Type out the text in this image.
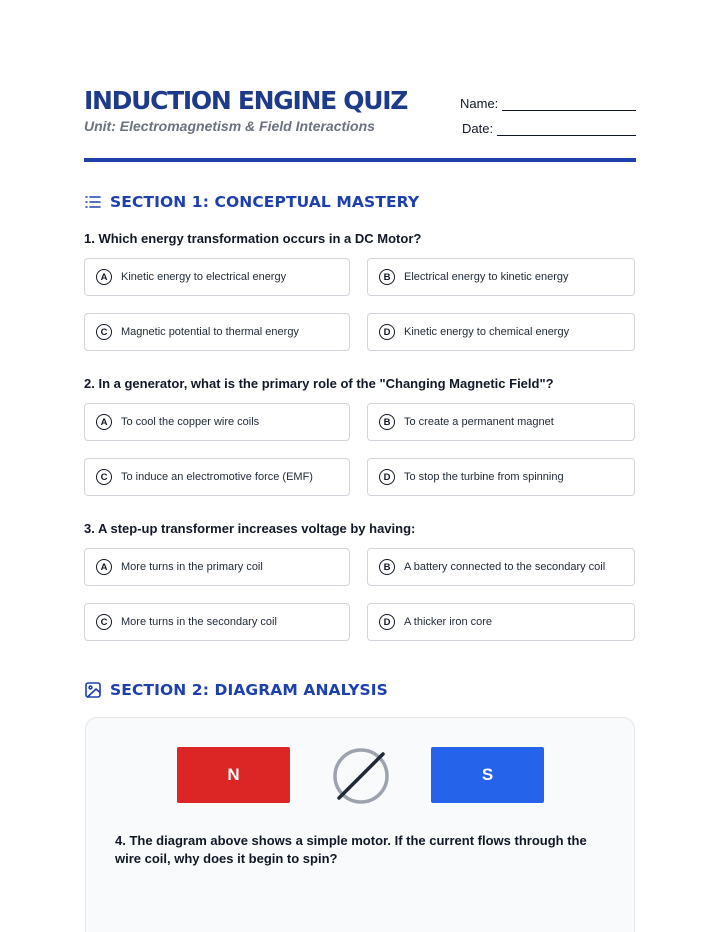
INDUCTION ENGINE QUIZ
Unit: Electromagnetism & Field Interactions
Name:
Date:
SECTION 1: CONCEPTUAL MASTERY
1. Which energy transformation occurs in a DC Motor?
A	Kinetic energy to electrical energy	B	Electrical energy to kinetic energy
C	Magnetic potential to thermal energy	D	Kinetic energy to chemical energy
2. In a generator, what is the primary role of the "Changing Magnetic Field"?
A	To cool the copper wire coils	B	To create a permanent magnet
C	To induce an electromotive force (EMF)	D	To stop the turbine from spinning
3. A step-up transformer increases voltage by having:
A	More turns in the primary coil	B	A battery connected to the secondary coil
C	More turns in the secondary coil	D	A thicker iron core
SECTION 2: DIAGRAM ANALYSIS
N	S
4. The diagram above shows a simple motor. If the current flows through the wire coil, why does it begin to spin?
